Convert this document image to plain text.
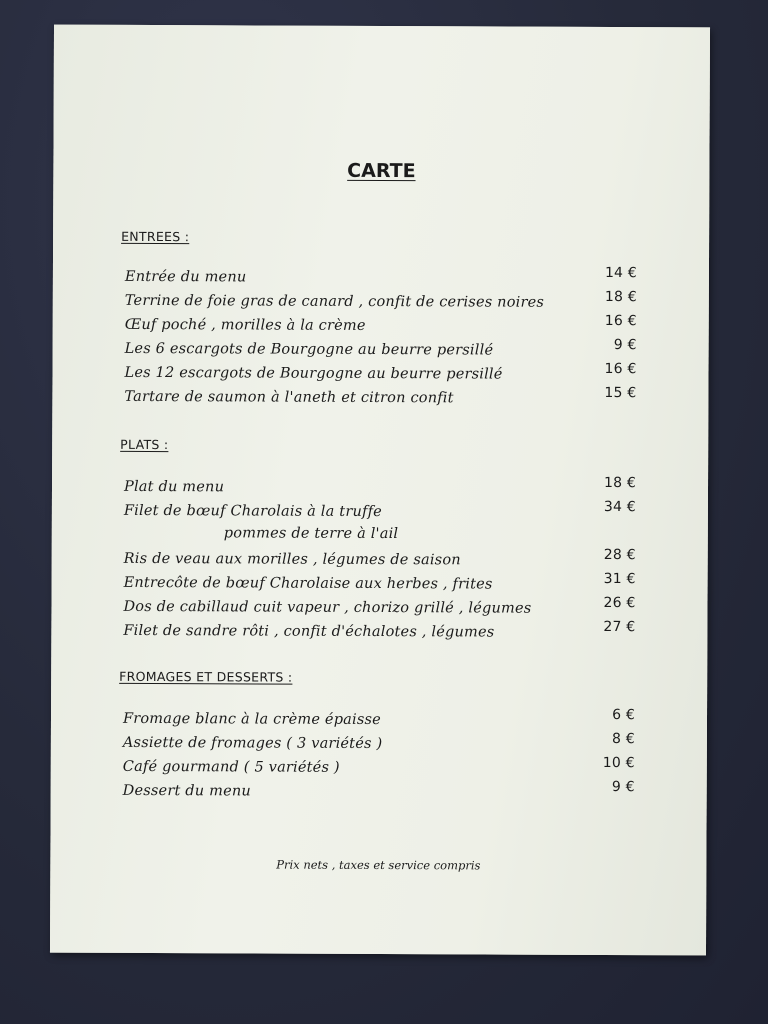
CARTE
ENTREES :
Entrée du menu	14 €
Terrine de foie gras de canard , confit de cerises noires	18 €
Œuf poché , morilles à la crème	16 €
Les 6 escargots de Bourgogne au beurre persillé	9 €
Les 12 escargots de Bourgogne au beurre persillé	16 €
Tartare de saumon à l'aneth et citron confit	15 €
PLATS :
Plat du menu	18 €
Filet de bœuf Charolais à la truffe	34 €
pommes de terre à l'ail
Ris de veau aux morilles , légumes de saison	28 €
Entrecôte de bœuf Charolaise aux herbes , frites	31 €
Dos de cabillaud cuit vapeur , chorizo grillé , légumes	26 €
Filet de sandre rôti , confit d'échalotes , légumes	27 €
FROMAGES ET DESSERTS :
Fromage blanc à la crème épaisse	6 €
Assiette de fromages ( 3 variétés )	8 €
Café gourmand ( 5 variétés )	10 €
Dessert du menu	9 €
Prix nets , taxes et service compris
